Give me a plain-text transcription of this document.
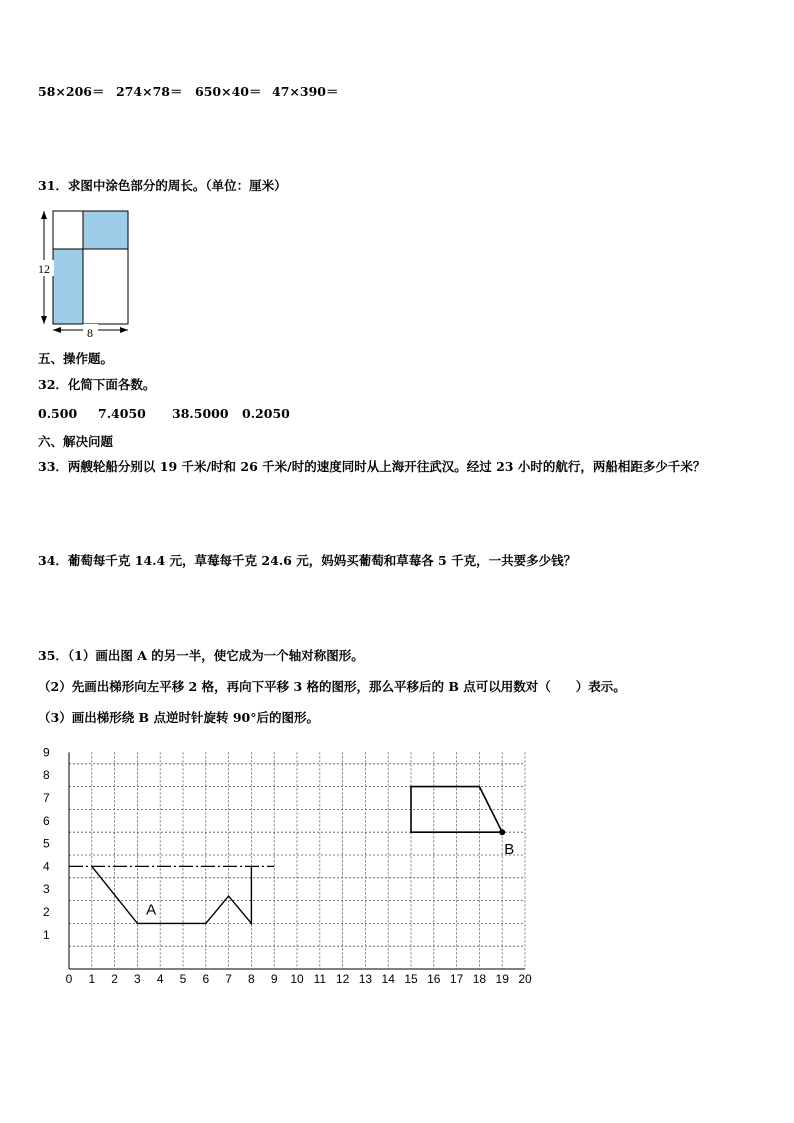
58×206＝ 274×78＝ 650×40＝ 47×390＝
31．求图中涂色部分的周长。（单位：厘米）
12
8
五、操作题。
32．化简下面各数。
0.500 7.4050 38.5000 0.2050
六、解决问题
33．两艘轮船分别以 19 千米/时和 26 千米/时的速度同时从上海开往武汉。经过 23 小时的航行，两船相距多少千米？
34．葡萄每千克 14.4 元，草莓每千克 24.6 元，妈妈买葡萄和草莓各 5 千克，一共要多少钱？
35．（1）画出图 A 的另一半，使它成为一个轴对称图形。
（2）先画出梯形向左平移 2 格，再向下平移 3 格的图形，那么平移后的 B 点可以用数对（　　）表示。
（3）画出梯形绕 B 点逆时针旋转 90°后的图形。
0 1 2 3 4 5 6 7 8 9 10 11 12 13 14 15 16 17 18 19 20
1
2
3
4
5
6
7
8
9
A
B
